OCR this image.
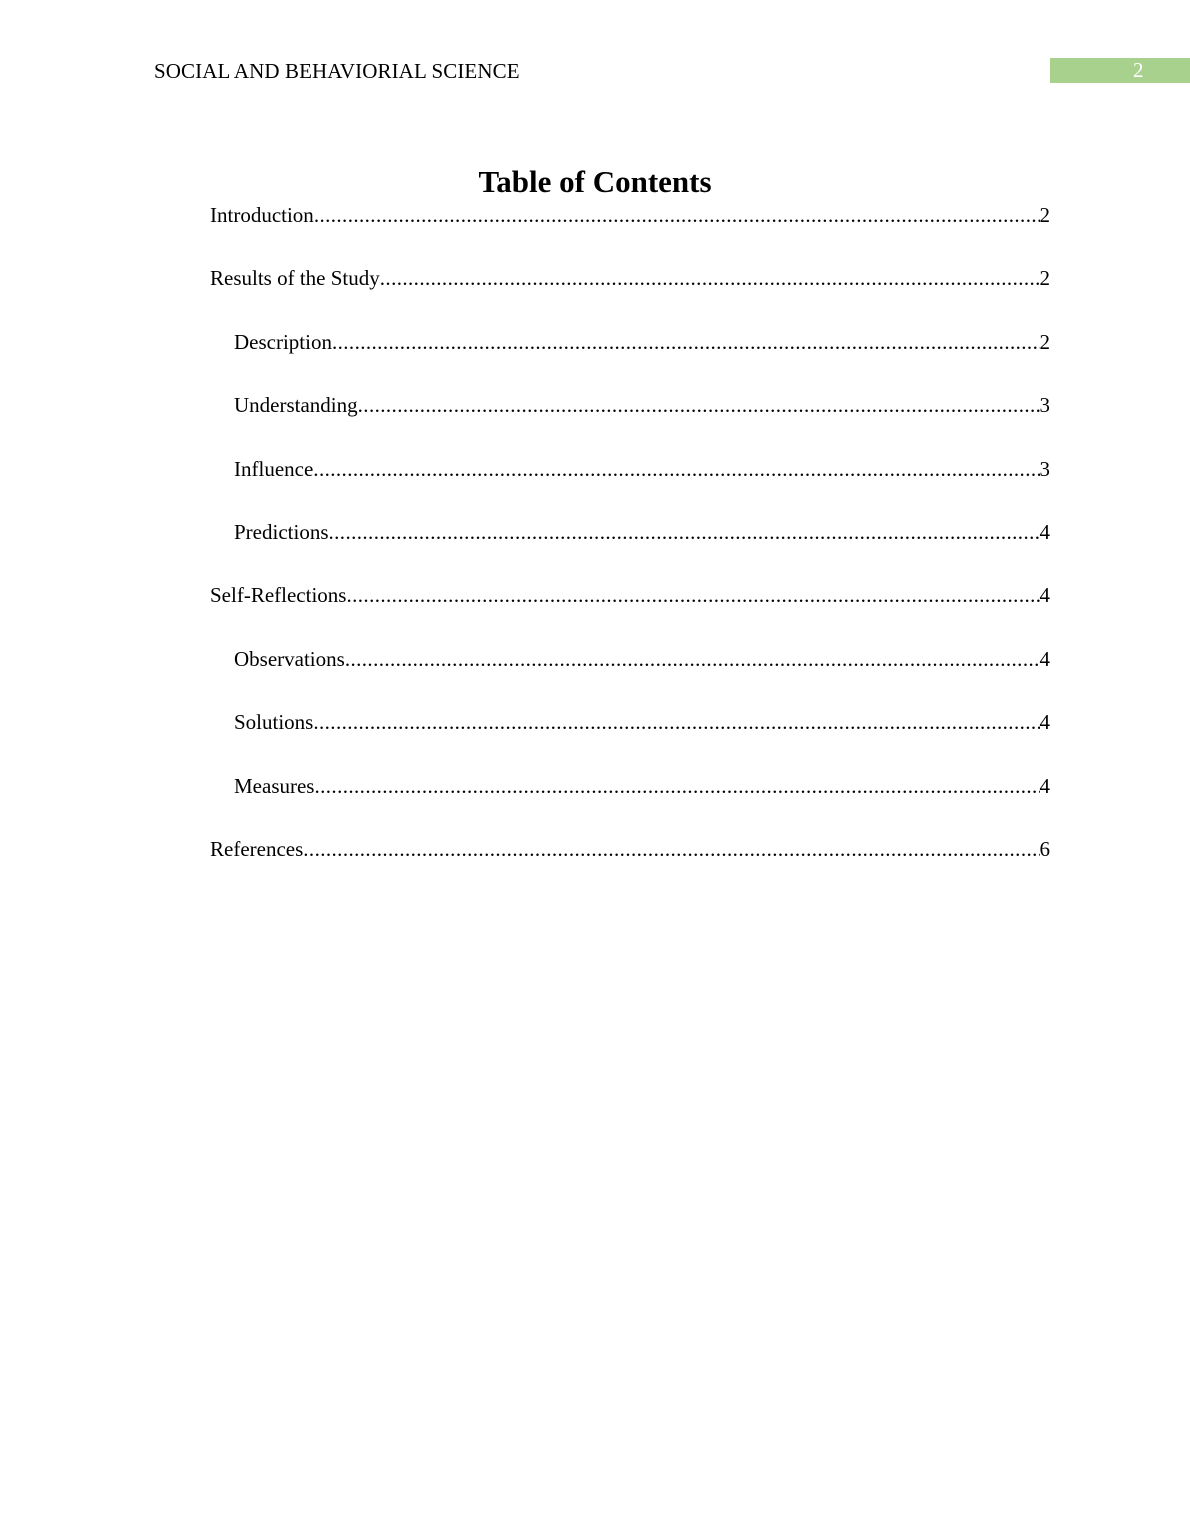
SOCIAL AND BEHAVIORIAL SCIENCE	2
Table of Contents
Introduction .....	2
Results of the Study .....	2
Description .....	2
Understanding .....	3
Influence .....	3
Predictions .....	4
Self-Reflections .....	4
Observations .....	4
Solutions .....	4
Measures .....	4
References .....	6
